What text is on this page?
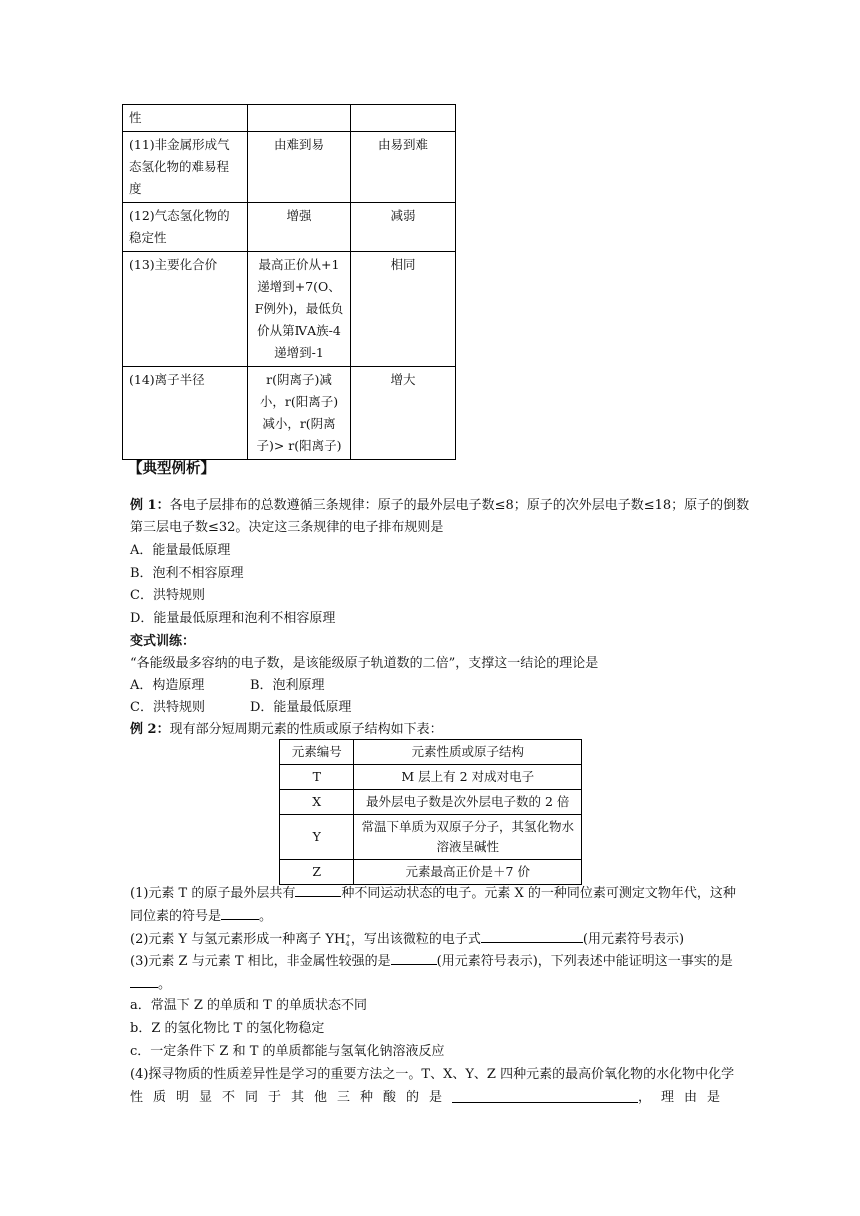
性		
(11)非金属形成气态氢化物的难易程度	由难到易	由易到难
(12)气态氢化物的稳定性	增强	减弱
(13)主要化合价	最高正价从+1递增到+7(O、F例外)，最低负价从第ⅣA族-4递增到-1	相同
(14)离子半径	r(阴离子)减小，r(阳离子)减小，r(阴离子)> r(阳离子)	增大
【典型例析】
例 1：各电子层排布的总数遵循三条规律：原子的最外层电子数≤8；原子的次外层电子数≤18；原子的倒数
第三层电子数≤32。决定这三条规律的电子排布规则是
A．能量最低原理
B．泡利不相容原理
C．洪特规则
D．能量最低原理和泡利不相容原理
变式训练：
“各能级最多容纳的电子数，是该能级原子轨道数的二倍”，支撑这一结论的理论是
A．构造原理	B．泡利原理
C．洪特规则	D．能量最低原理
例 2：现有部分短周期元素的性质或原子结构如下表：
元素编号	元素性质或原子结构
T	M 层上有 2 对成对电子
X	最外层电子数是次外层电子数的 2 倍
Y	常温下单质为双原子分子，其氢化物水溶液呈碱性
Z	元素最高正价是＋7 价
(1)元素 T 的原子最外层共有	种不同运动状态的电子。元素 X 的一种同位素可测定文物年代，这种
同位素的符号是	。
(2)元素 Y 与氢元素形成一种离子 YH +
4 ，写出该微粒的电子式	(用元素符号表示)
(3)元素 Z 与元素 T 相比，非金属性较强的是	(用元素符号表示)，下列表述中能证明这一事实的是
。
a．常温下 Z 的单质和 T 的单质状态不同
b．Z 的氢化物比 T 的氢化物稳定
c．一定条件下 Z 和 T 的单质都能与氢氧化钠溶液反应
(4)探寻物质的性质差异性是学习的重要方法之一。T、X、Y、Z 四种元素的最高价氧化物的水化物中化学
性质明显不同于其他三种酸的是	，理由是
